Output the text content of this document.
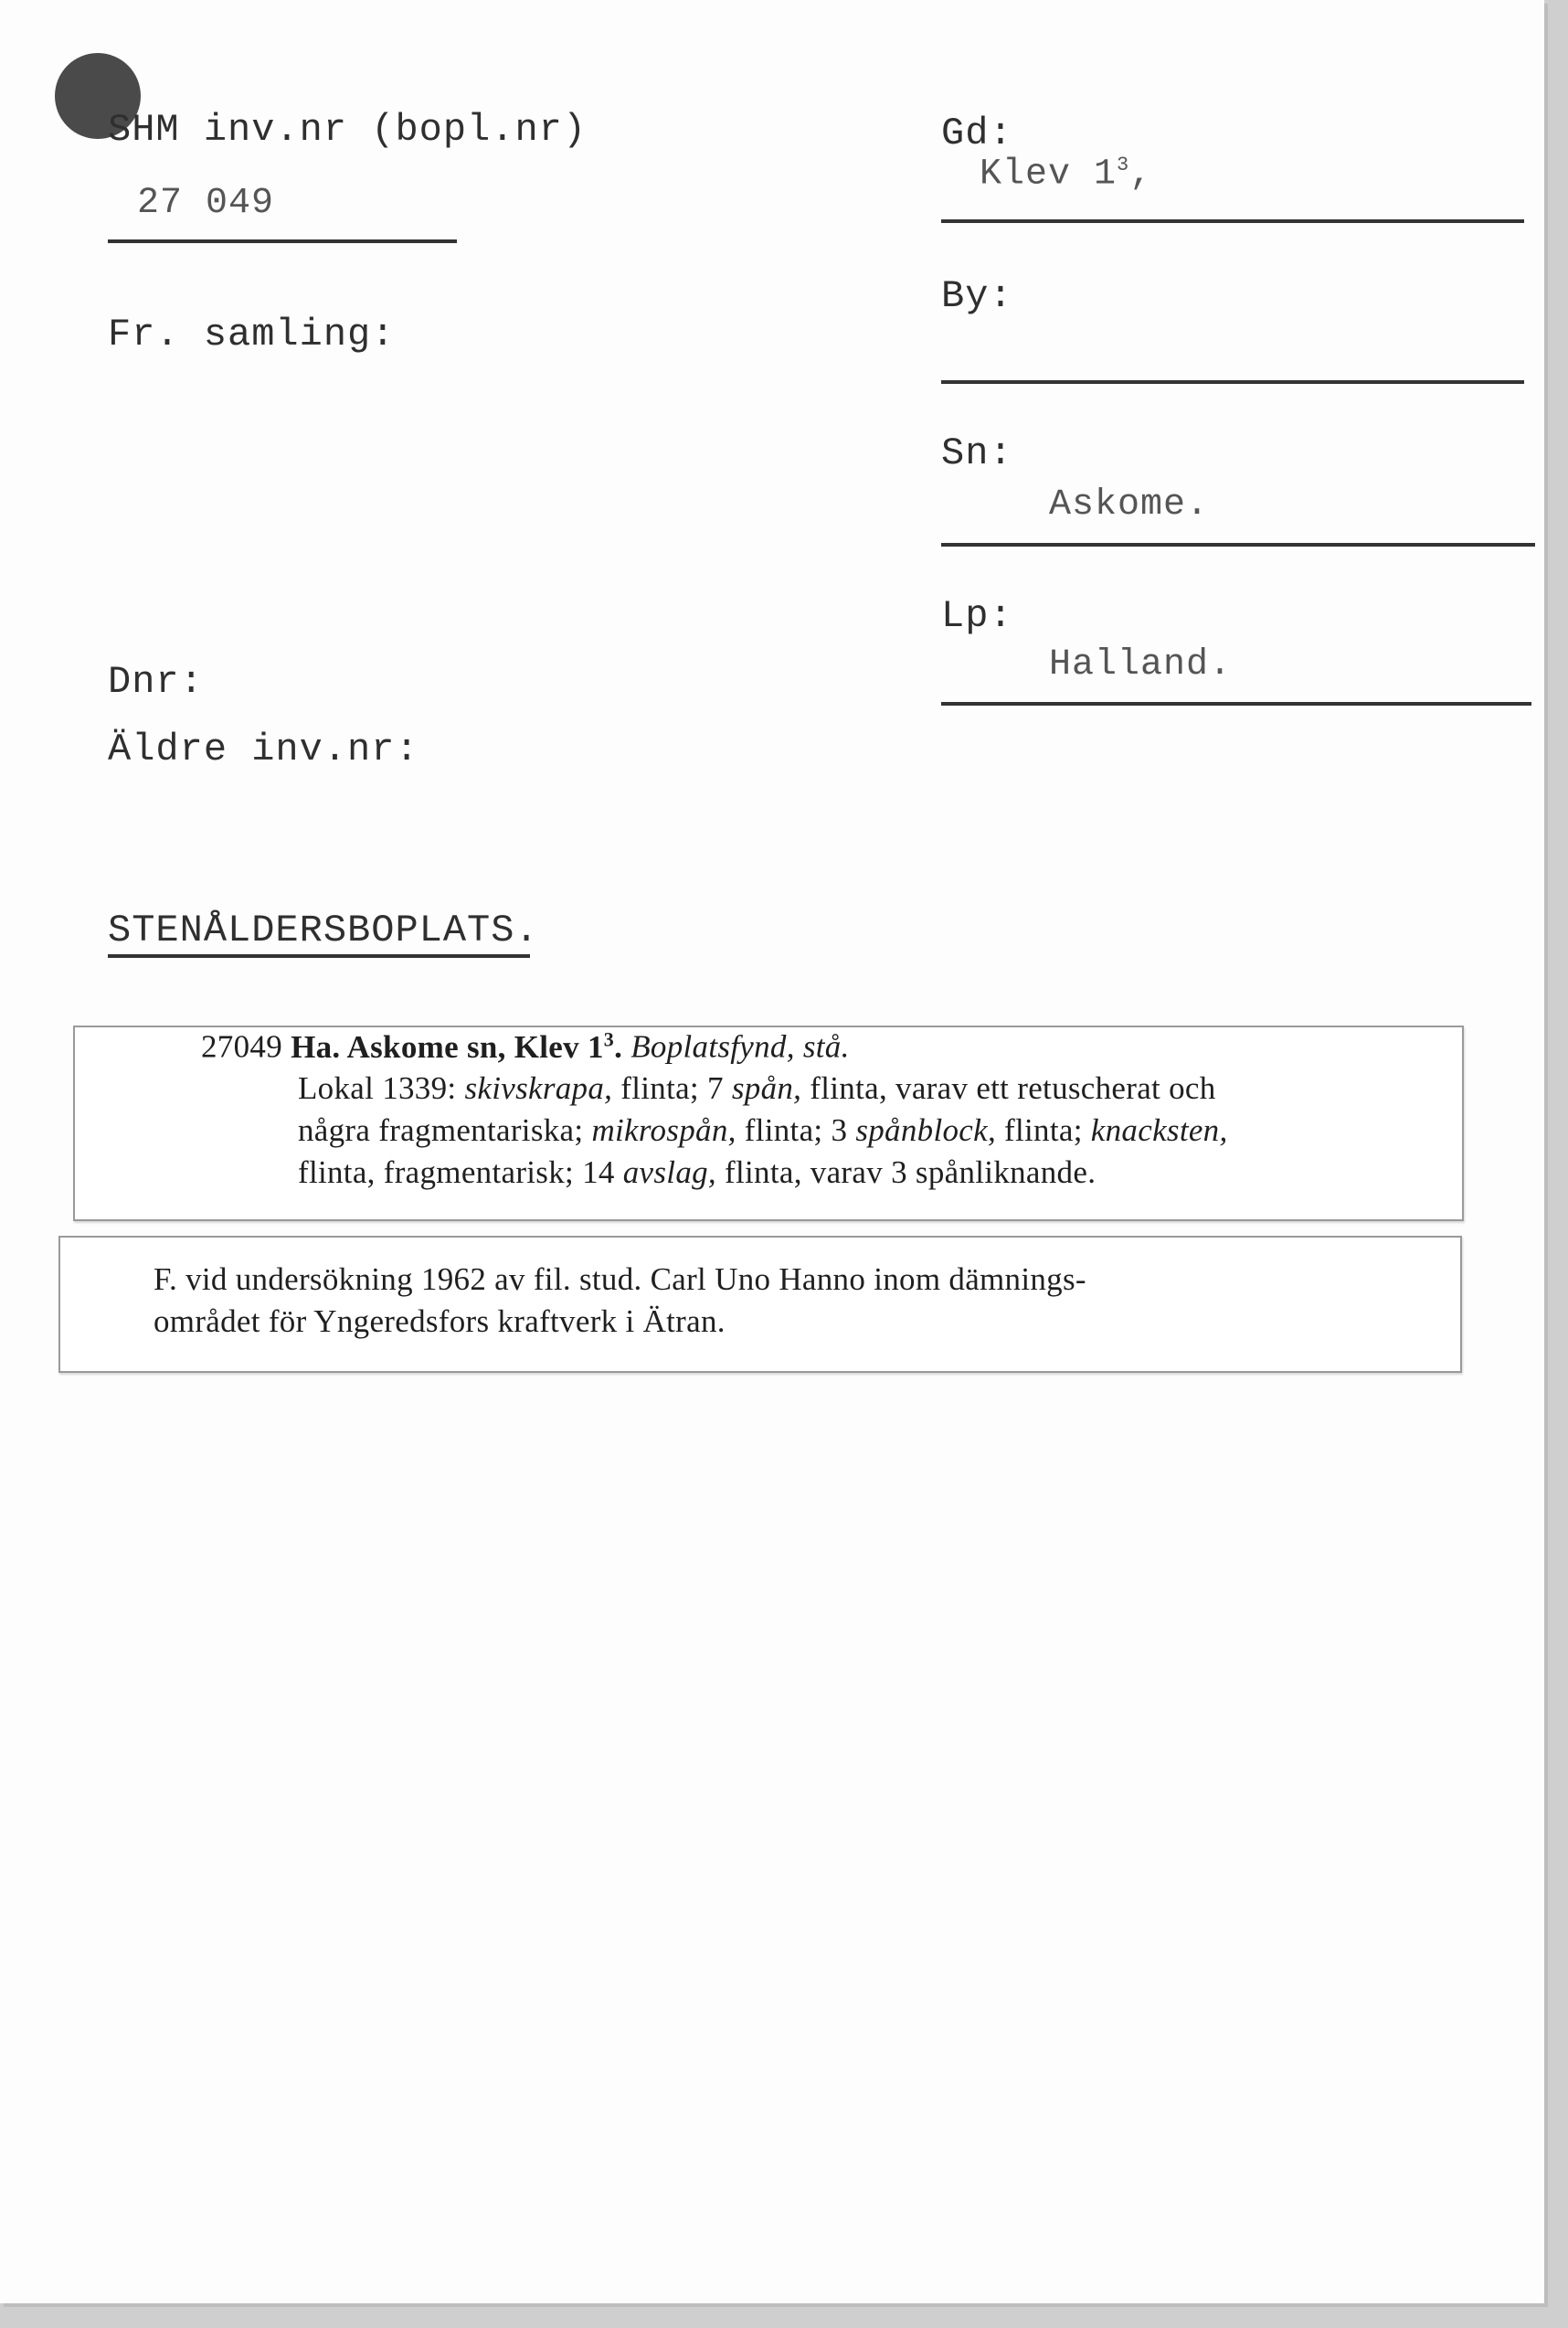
SHM inv.nr (bopl.nr)
27 049
Fr. samling:
Dnr:
Äldre inv.nr:
Gd:
Klev $1^3$,
By:
Sn:
Askome.
Lp:
Halland.
STENÅLDERSBOPLATS.
27049 Ha. Askome sn, Klev $1^3$. Boplatsfynd, stå.
Lokal 1339: skivskrapa, flinta; 7 spån, flinta, varav ett retuscherat och
några fragmentariska; mikrospån, flinta; 3 spånblock, flinta; knacksten,
flinta, fragmentarisk; 14 avslag, flinta, varav 3 spånliknande.
F. vid undersökning 1962 av fil. stud. Carl Uno Hanno inom dämnings-
området för Yngeredsfors kraftverk i Ätran.
